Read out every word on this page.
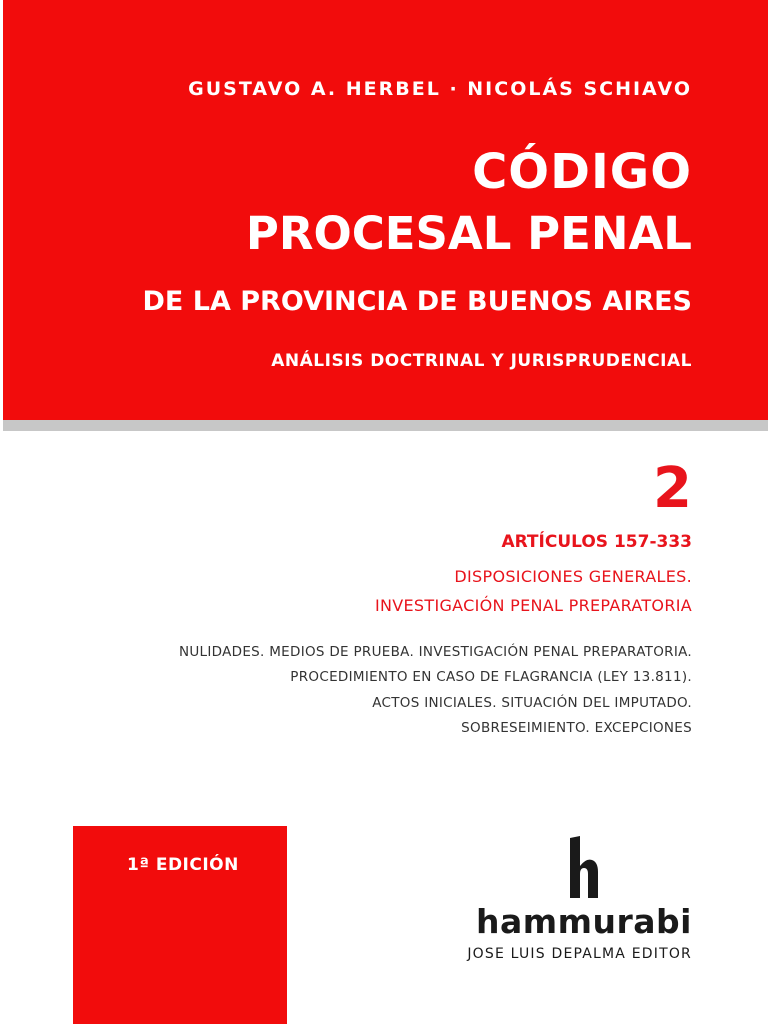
GUSTAVO A. HERBEL · NICOLÁS SCHIAVO
CÓDIGO
PROCESAL PENAL
DE LA PROVINCIA DE BUENOS AIRES
ANÁLISIS DOCTRINAL Y JURISPRUDENCIAL
2
ARTÍCULOS 157-333
DISPOSICIONES GENERALES.
INVESTIGACIÓN PENAL PREPARATORIA
NULIDADES. MEDIOS DE PRUEBA. INVESTIGACIÓN PENAL PREPARATORIA.
PROCEDIMIENTO EN CASO DE FLAGRANCIA (LEY 13.811).
ACTOS INICIALES. SITUACIÓN DEL IMPUTADO.
SOBRESEIMIENTO. EXCEPCIONES
1ª EDICIÓN
hammurabi
JOSE LUIS DEPALMA EDITOR
